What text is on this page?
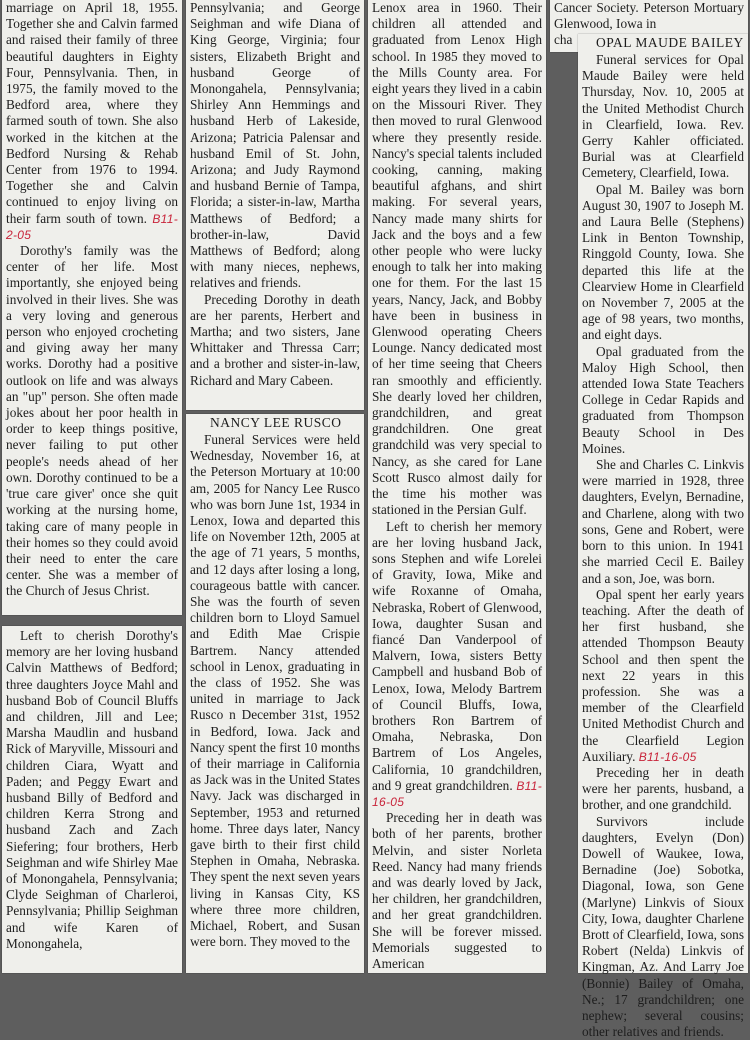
marriage on April 18, 1955. Together she and Calvin farmed and raised their family of three beautiful daughters in Eighty Four, Pennsylvania. Then, in 1975, the family moved to the Bedford area, where they farmed south of town. She also worked in the kitchen at the Bedford Nursing & Rehab Center from 1976 to 1994. Together she and Calvin continued to enjoy living on their farm south of town. B11-2-05

Dorothy's family was the center of her life. Most importantly, she enjoyed being involved in their lives. She was a very loving and generous person who enjoyed crocheting and giving away her many works. Dorothy had a positive outlook on life and was always an "up" person. She often made jokes about her poor health in order to keep things positive, never failing to put other people's needs ahead of her own. Dorothy continued to be a 'true care giver' once she quit working at the nursing home, taking care of many people in their homes so they could avoid their need to enter the care center. She was a member of the Church of Jesus Christ.

Left to cherish Dorothy's memory are her loving husband Calvin Matthews of Bedford; three daughters Joyce Mahl and husband Bob of Council Bluffs and children, Jill and Lee; Marsha Maudlin and husband Rick of Maryville, Missouri and children Ciara, Wyatt and Paden; and Peggy Ewart and husband Billy of Bedford and children Kerra Strong and husband Zach and Zach Siefering; four brothers, Herb Seighman and wife Shirley Mae of Monongahela, Pennsylvania; Clyde Seighman of Charleroi, Pennsylvania; Phillip Seighman and wife Karen of Monongahela,

Pennsylvania; and George Seighman and wife Diana of King George, Virginia; four sisters, Elizabeth Bright and husband George of Monongahela, Pennsylvania; Shirley Ann Hemmings and husband Herb of Lakeside, Arizona; Patricia Palensar and husband Emil of St. John, Arizona; and Judy Raymond and husband Bernie of Tampa, Florida; a sister-in-law, Martha Matthews of Bedford; a brother-in-law, David Matthews of Bedford; along with many nieces, nephews, relatives and friends.

Preceding Dorothy in death are her parents, Herbert and Martha; and two sisters, Jane Whittaker and Thressa Carr; and a brother and sister-in-law, Richard and Mary Cabeen.

NANCY LEE RUSCO

Funeral Services were held Wednesday, November 16, at the Peterson Mortuary at 10:00 am, 2005 for Nancy Lee Rusco who was born June 1st, 1934 in Lenox, Iowa and departed this life on November 12th, 2005 at the age of 71 years, 5 months, and 12 days after losing a long, courageous battle with cancer. She was the fourth of seven children born to Lloyd Samuel and Edith Mae Crispie Bartrem. Nancy attended school in Lenox, graduating in the class of 1952. She was united in marriage to Jack Rusco n December 31st, 1952 in Bedford, Iowa. Jack and Nancy spent the first 10 months of their marriage in California as Jack was in the United States Navy. Jack was discharged in September, 1953 and returned home. Three days later, Nancy gave birth to their first child Stephen in Omaha, Nebraska. They spent the next seven years living in Kansas City, KS where three more children, Michael, Robert, and Susan were born. They moved to the

Lenox area in 1960. Their children all attended and graduated from Lenox High school. In 1985 they moved to the Mills County area. For eight years they lived in a cabin on the Missouri River. They then moved to rural Glenwood where they presently reside. Nancy's special talents included cooking, canning, making beautiful afghans, and shirt making. For several years, Nancy made many shirts for Jack and the boys and a few other people who were lucky enough to talk her into making one for them. For the last 15 years, Nancy, Jack, and Bobby have been in business in Glenwood operating Cheers Lounge. Nancy dedicated most of her time seeing that Cheers ran smoothly and efficiently. She dearly loved her children, grandchildren, and great grandchildren. One great grandchild was very special to Nancy, as she cared for Lane Scott Rusco almost daily for the time his mother was stationed in the Persian Gulf.

Left to cherish her memory are her loving husband Jack, sons Stephen and wife Lorelei of Gravity, Iowa, Mike and wife Roxanne of Omaha, Nebraska, Robert of Glenwood, Iowa, daughter Susan and fiancé Dan Vanderpool of Malvern, Iowa, sisters Betty Campbell and husband Bob of Lenox, Iowa, Melody Bartrem of Council Bluffs, Iowa, brothers Ron Bartrem of Omaha, Nebraska, Don Bartrem of Los Angeles, California, 10 grandchildren, and 9 great grandchildren. B11-16-05

Preceding her in death was both of her parents, brother Melvin, and sister Norleta Reed. Nancy had many friends and was dearly loved by Jack, her children, her grandchildren, and her great grandchildren. She will be forever missed. Memorials suggested to American

Cancer Society. Peterson Mortuary Glenwood, Iowa in

cha	OPAL MAUDE BAILEY

Funeral services for Opal Maude Bailey were held Thursday, Nov. 10, 2005 at the United Methodist Church in Clearfield, Iowa. Rev. Gerry Kahler officiated. Burial was at Clearfield Cemetery, Clearfield, Iowa.

Opal M. Bailey was born August 30, 1907 to Joseph M. and Laura Belle (Stephens) Link in Benton Township, Ringgold County, Iowa. She departed this life at the Clearview Home in Clearfield on November 7, 2005 at the age of 98 years, two months, and eight days.

Opal graduated from the Maloy High School, then attended Iowa State Teachers College in Cedar Rapids and graduated from Thompson Beauty School in Des Moines.

She and Charles C. Linkvis were married in 1928, three daughters, Evelyn, Bernadine, and Charlene, along with two sons, Gene and Robert, were born to this union. In 1941 she married Cecil E. Bailey and a son, Joe, was born.

Opal spent her early years teaching. After the death of her first husband, she attended Thompson Beauty School and then spent the next 22 years in this profession. She was a member of the Clearfield United Methodist Church and the Clearfield Legion Auxiliary. B11-16-05

Preceding her in death were her parents, husband, a brother, and one grandchild.

Survivors include daughters, Evelyn (Don) Dowell of Waukee, Iowa, Bernadine (Joe) Sobotka, Diagonal, Iowa, son Gene (Marlyne) Linkvis of Sioux City, Iowa, daughter Charlene Brott of Clearfield, Iowa, sons Robert (Nelda) Linkvis of Kingman, Az. And Larry Joe (Bonnie) Bailey of Omaha, Ne.; 17 grandchildren; one nephew; several cousins; other relatives and friends.
